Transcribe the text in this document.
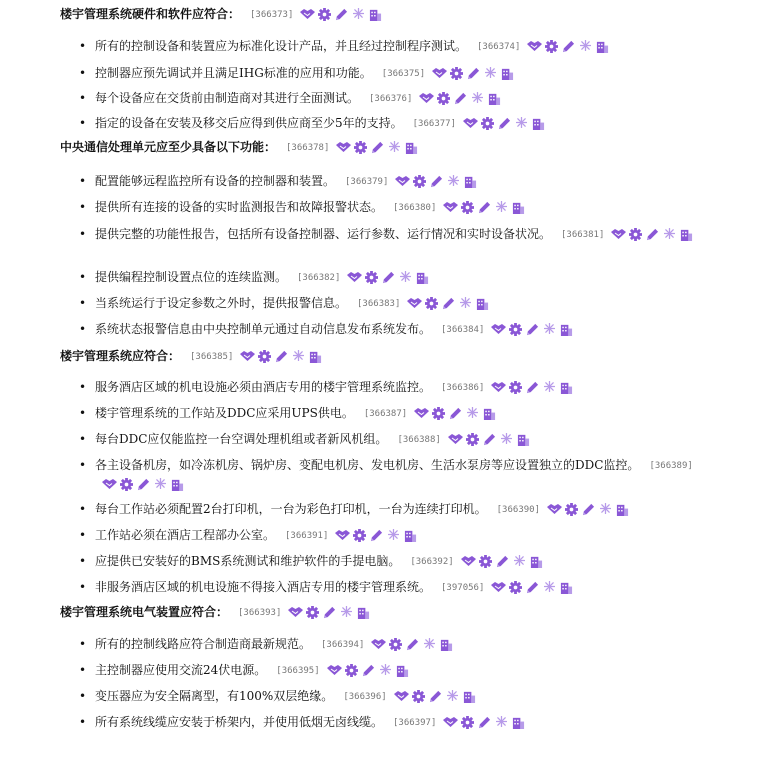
楼宇管理系统硬件和软件应符合： [366373]
• 所有的控制设备和装置应为标准化设计产品，并且经过控制程序测试。 [366374]
• 控制器应预先调试并且满足IHG标准的应用和功能。 [366375]
• 每个设备应在交货前由制造商对其进行全面测试。 [366376]
• 指定的设备在安装及移交后应得到供应商至少5年的支持。 [366377]
中央通信处理单元应至少具备以下功能： [366378]
• 配置能够远程监控所有设备的控制器和装置。 [366379]
• 提供所有连接的设备的实时监测报告和故障报警状态。 [366380]
• 提供完整的功能性报告，包括所有设备控制器、运行参数、运行情况和实时设备状况。 [366381]
• 提供编程控制设置点位的连续监测。 [366382]
• 当系统运行于设定参数之外时，提供报警信息。 [366383]
• 系统状态报警信息由中央控制单元通过自动信息发布系统发布。 [366384]
楼宇管理系统应符合： [366385]
• 服务酒店区域的机电设施必须由酒店专用的楼宇管理系统监控。 [366386]
• 楼宇管理系统的工作站及DDC应采用UPS供电。 [366387]
• 每台DDC应仅能监控一台空调处理机组或者新风机组。 [366388]
• 各主设备机房，如冷冻机房、锅炉房、变配电机房、发电机房、生活水泵房等应设置独立的DDC监控。 [366389]
• 每台工作站必须配置2台打印机，一台为彩色打印机，一台为连续打印机。 [366390]
• 工作站必须在酒店工程部办公室。 [366391]
• 应提供已安装好的BMS系统测试和维护软件的手提电脑。 [366392]
• 非服务酒店区域的机电设施不得接入酒店专用的楼宇管理系统。 [397056]
楼宇管理系统电气装置应符合： [366393]
• 所有的控制线路应符合制造商最新规范。 [366394]
• 主控制器应使用交流24伏电源。 [366395]
• 变压器应为安全隔离型，有100%双层绝缘。 [366396]
• 所有系统线缆应安装于桥架内，并使用低烟无卤线缆。 [366397]
